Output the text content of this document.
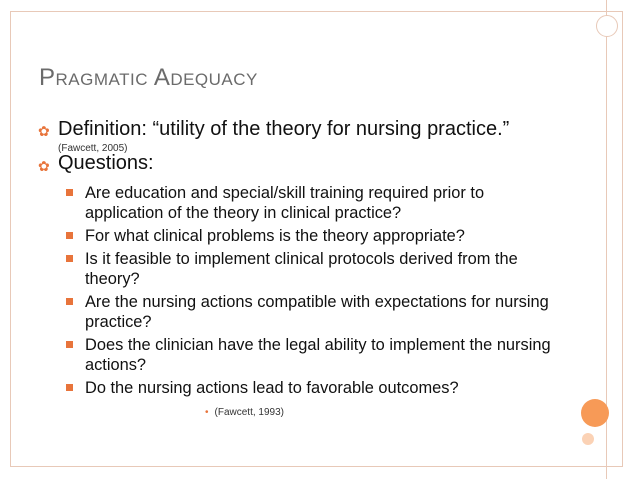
Pragmatic Adequacy
✿ Definition: “utility of the theory for nursing practice.”
(Fawcett, 2005)
✿ Questions:
Are education and special/skill training required prior to application of the theory in clinical practice?
For what clinical problems is the theory appropriate?
Is it feasible to implement clinical protocols derived from the theory?
Are the nursing actions compatible with expectations for nursing practice?
Does the clinician have the legal ability to implement the nursing actions?
Do the nursing actions lead to favorable outcomes?
• (Fawcett, 1993)
